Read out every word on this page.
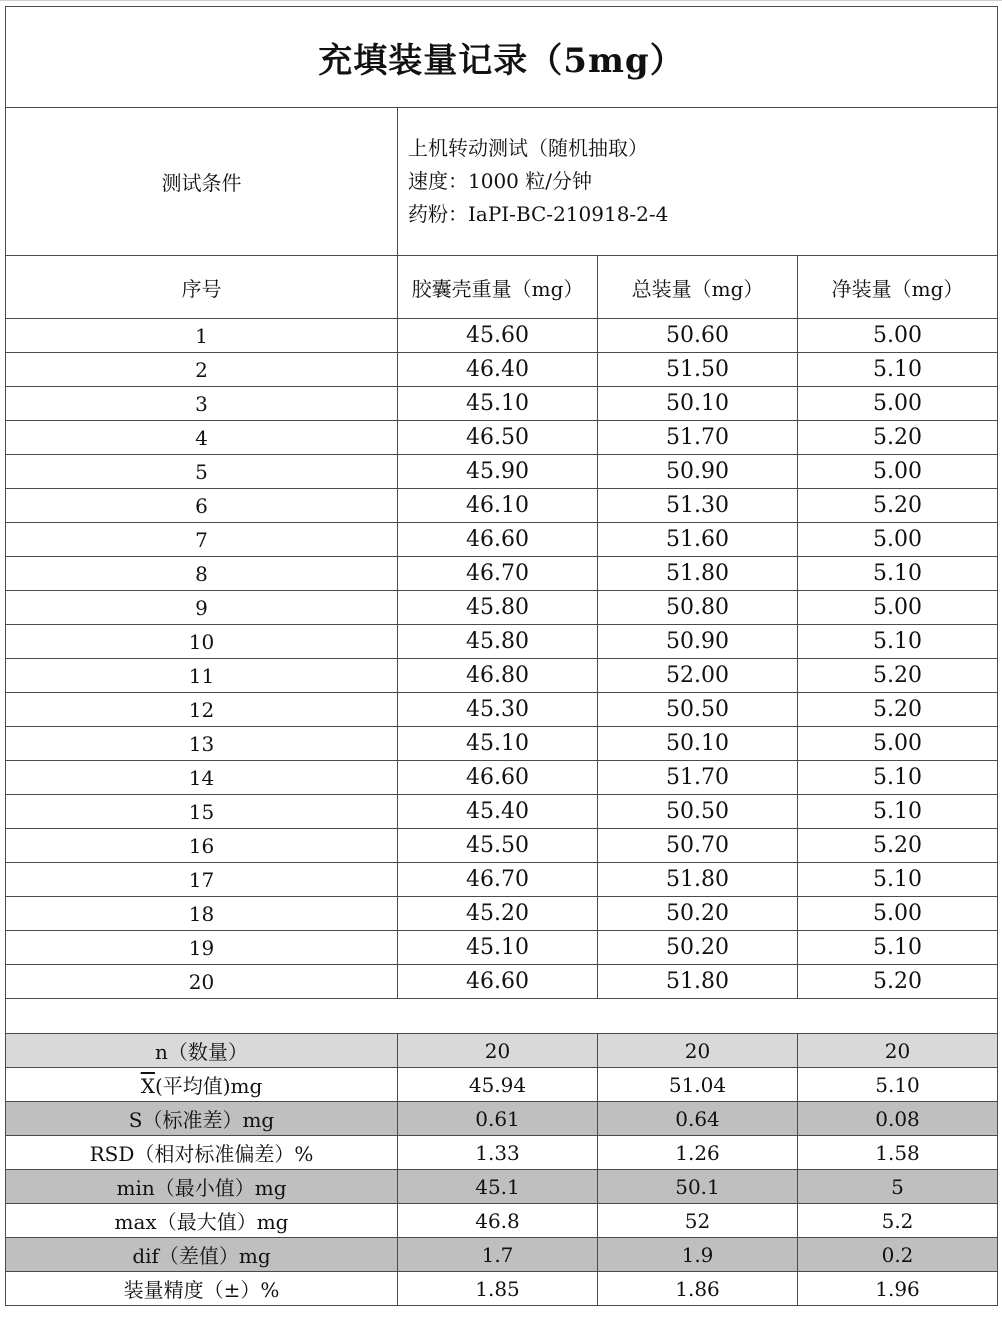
充填装量记录（5mg）			
测试条件	上机转动测试（随机抽取）
速度：1000 粒/分钟
药粉：IaPI-BC-210918-2-4		

序号	胶囊壳重量（mg）	总装量（mg）	净装量（mg）
1	45.60	50.60	5.00
2	46.40	51.50	5.10
3	45.10	50.10	5.00
4	46.50	51.70	5.20
5	45.90	50.90	5.00
6	46.10	51.30	5.20
7	46.60	51.60	5.00
8	46.70	51.80	5.10
9	45.80	50.80	5.00
10	45.80	50.90	5.10
11	46.80	52.00	5.20
12	45.30	50.50	5.20
13	45.10	50.10	5.00
14	46.60	51.70	5.10
15	45.40	50.50	5.10
16	45.50	50.70	5.20
17	46.70	51.80	5.10
18	45.20	50.20	5.00
19	45.10	50.20	5.10
20	46.60	51.80	5.20

n（数量）	20	20	20
$\overline{X}$(平均值)mg	45.94	51.04	5.10
S（标准差）mg	0.61	0.64	0.08
RSD（相对标准偏差）%	1.33	1.26	1.58
min（最小值）mg	45.1	50.1	5
max（最大值）mg	46.8	52	5.2
dif（差值）mg	1.7	1.9	0.2
装量精度（±）%	1.85	1.86	1.96
